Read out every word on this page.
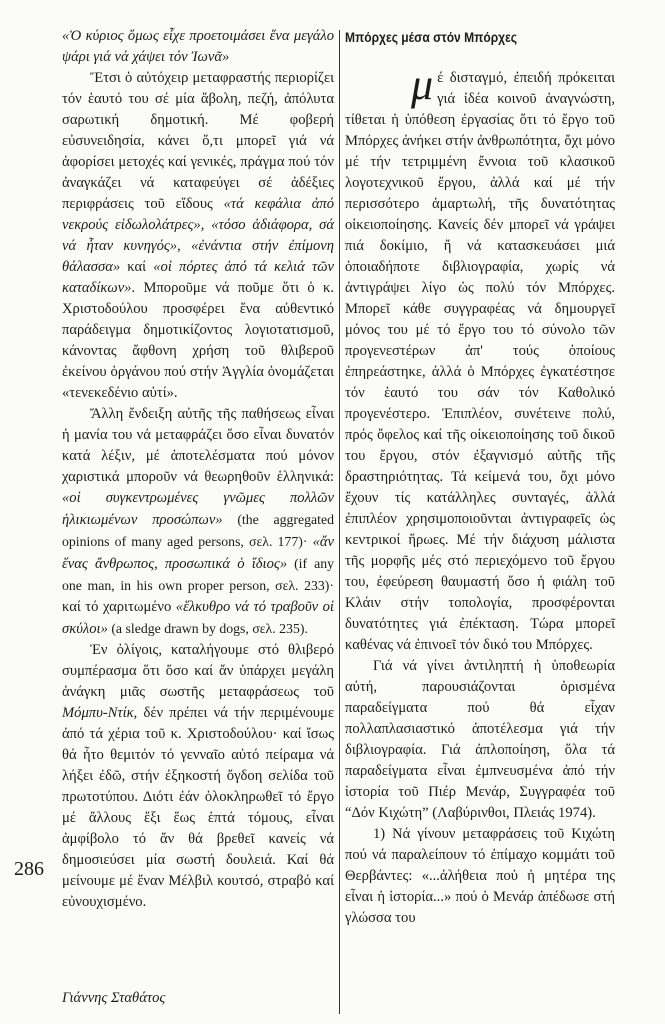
«Ὁ κύριος ὅμως εἶχε προετοιμάσει ἕνα μεγάλο ψάρι γιά νά χάψει τόν Ἰωνᾶ»

Ἔτσι ὁ αὐτόχειρ μεταφραστής περιορίζει τόν ἑαυτό του σέ μία ἄβολη, πεζή, ἀπόλυτα σαρωτική δημοτική. Μέ φοβερή εὐσυνειδησία, κάνει ὅ,τι μπορεῖ γιά νά ἀφορίσει μετοχές καί γενικές, πράγμα πού τόν ἀναγκάζει νά καταφεύγει σέ ἀδέξιες περιφράσεις τοῦ εἴδους «τά κεφάλια ἀπό νεκρούς εἰδωλολάτρες», «τόσο ἀδιάφορα, σά νά ἦταν κυνηγός», «ἐνάντια στήν ἐπίμονη θάλασσα» καί «οἱ πόρτες ἀπό τά κελιά τῶν καταδίκων». Μποροῦμε νά ποῦμε ὅτι ὁ κ. Χριστοδούλου προσφέρει ἕνα αὐθεντικό παράδειγμα δημοτικίζοντος λογιοτατισμοῦ, κάνοντας ἄφθονη χρήση τοῦ θλιβεροῦ ἐκείνου ὀργάνου πού στήν Ἀγγλία ὀνομάζεται «τενεκεδένιο αὐτί».

Ἄλλη ἔνδειξη αὐτῆς τῆς παθήσεως εἶναι ἡ μανία του νά μεταφράζει ὅσο εἶναι δυνατόν κατά λέξιν, μέ ἀποτελέσματα πού μόνον χαριστικά μποροῦν νά θεωρηθοῦν ἑλληνικά: «οἱ συγκεντρωμένες γνῶμες πολλῶν ἡλικιωμένων προσώπων» (the aggregated opinions of many aged persons, σελ. 177)· «ἄν ἕνας ἄνθρωπος, προσωπικά ὁ ἴδιος» (if any one man, in his own proper person, σελ. 233)· καί τό χαριτωμένο «ἕλκυθρο νά τό τραβοῦν οἱ σκύλοι» (a sledge drawn by dogs, σελ. 235).

Ἐν ὀλίγοις, καταλήγουμε στό θλιβερό συμπέρασμα ὅτι ὅσο καί ἄν ὑπάρχει μεγάλη ἀνάγκη μιᾶς σωστῆς μεταφράσεως τοῦ Μόμπυ-Ντίκ, δέν πρέπει νά τήν περιμένουμε ἀπό τά χέρια τοῦ κ. Χριστοδούλου· καί ἴσως θά ἦτο θεμιτόν τό γενναῖο αὐτό πείραμα νά λήξει ἐδῶ, στήν ἐξηκοστή ὄγδοη σελίδα τοῦ πρωτοτύπου. Διότι ἐάν ὁλοκληρωθεῖ τό ἔργο μέ ἄλλους ἕξι ἕως ἑπτά τόμους, εἶναι ἀμφίβολο τό ἄν θά βρεθεῖ κανείς νά δημοσιεύσει μία σωστή δουλειά. Καί θά μείνουμε μέ ἕναν Μέλβιλ κουτσό, στραβό καί εὐνουχισμένο.

Μπόρχες μέσα στόν Μπόρχες

μέ δισταγμό, ἐπειδή πρόκειται γιά ἰδέα κοινοῦ ἀναγνώστη, τίθεται ἡ ὑπόθεση ἐργασίας ὅτι τό ἔργο τοῦ Μπόρχες ἀνήκει στήν ἀνθρωπότητα, ὄχι μόνο μέ τήν τετριμμένη ἔννοια τοῦ κλασικοῦ λογοτεχνικοῦ ἔργου, ἀλλά καί μέ τήν περισσότερο ἁμαρτωλή, τῆς δυνατότητας οἰκειοποίησης. Κανείς δέν μπορεῖ νά γράψει πιά δοκίμιο, ἤ νά κατασκευάσει μιά ὁποιαδήποτε διβλιογραφία, χωρίς νά ἀντιγράψει λίγο ὡς πολύ τόν Μπόρχες. Μπορεῖ κάθε συγγραφέας νά δημουργεῖ μόνος του μέ τό ἔργο του τό σύνολο τῶν προγενεστέρων ἀπ' τούς ὁποίους ἐπηρεάστηκε, ἀλλά ὁ Μπόρχες ἐγκατέστησε τόν ἑαυτό του σάν τόν Καθολικό προγενέστερο. Ἐπιπλέον, συνέτεινε πολύ, πρός ὄφελος καί τῆς οἰκειοποίησης τοῦ δικοῦ του ἔργου, στόν ἐξαγνισμό αὐτῆς τῆς δραστηριότητας. Τά κείμενά του, ὄχι μόνο ἔχουν τίς κατάλληλες συνταγές, ἀλλά ἐπιπλέον χρησιμοποιοῦνται ἀντιγραφεῖς ὡς κεντρικοί ἥρωες. Μέ τήν διάχυση μάλιστα τῆς μορφῆς μές στό περιεχόμενο τοῦ ἔργου του, ἐφεύρεση θαυμαστή ὅσο ἡ φιάλη τοῦ Κλάιν στήν τοπολογία, προσφέρονται δυνατότητες γιά ἐπέκταση. Τώρα μπορεῖ καθένας νά ἐπινοεῖ τόν δικό του Μπόρχες.

Γιά νά γίνει ἀντιληπτή ἡ ὑποθεωρία αὐτή, παρουσιάζονται ὁρισμένα παραδείγματα πού θά εἶχαν πολλαπλασιαστικό ἀποτέλεσμα γιά τήν διβλιογραφία. Γιά ἀπλοποίηση, ὅλα τά παραδείγματα εἶναι ἐμπνευσμένα ἀπό τήν ἱστορία τοῦ Πιέρ Μενάρ, Συγγραφέα τοῦ “Δόν Κιχώτη” (Λαβύρινθοι, Πλειάς 1974).

1) Νά γίνουν μεταφράσεις τοῦ Κιχώτη πού νά παραλείπουν τό ἐπίμαχο κομμάτι τοῦ Θερβάντες: «...ἀλήθεια ποὐ ἡ μητέρα της εἶναι ἡ ἱστορία...» πού ὁ Μενάρ ἀπέδωσε στή γλώσσα του

286
Γιάννης Σταθάτος
